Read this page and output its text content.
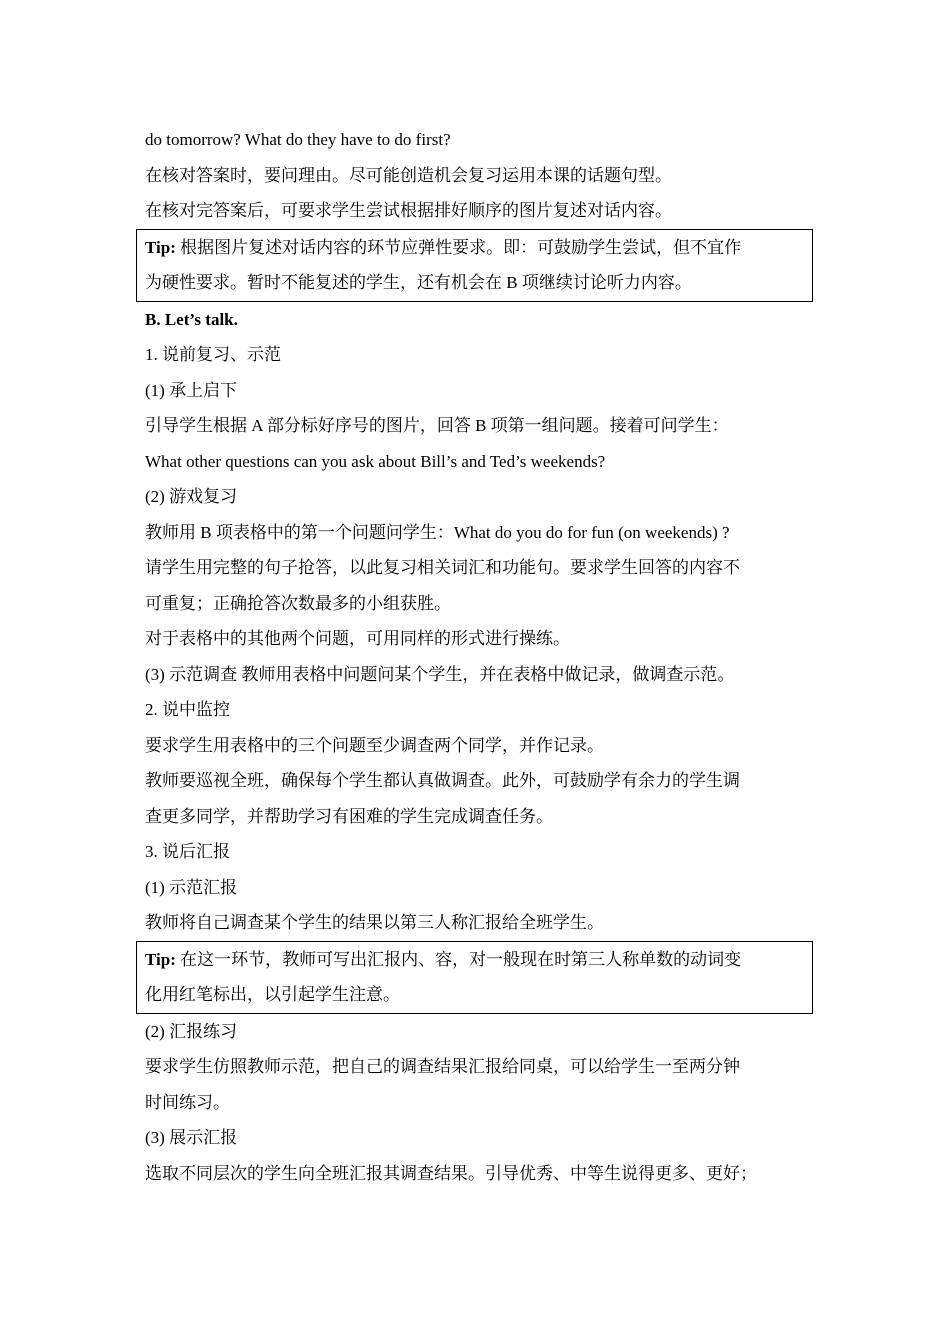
do tomorrow? What do they have to do first?
在核对答案时，要问理由。尽可能创造机会复习运用本课的话题句型。
在核对完答案后，可要求学生尝试根据排好顺序的图片复述对话内容。
Tip: 根据图片复述对话内容的环节应弹性要求。即：可鼓励学生尝试，但不宜作
为硬性要求。暂时不能复述的学生，还有机会在 B 项继续讨论听力内容。
B. Let’s talk.
1. 说前复习、示范
(1) 承上启下
引导学生根据 A 部分标好序号的图片，回答 B 项第一组问题。接着可问学生：
What other questions can you ask about Bill’s and Ted’s weekends?
(2) 游戏复习
教师用 B 项表格中的第一个问题问学生：What do you do for fun (on weekends) ?
请学生用完整的句子抢答，以此复习相关词汇和功能句。要求学生回答的内容不
可重复；正确抢答次数最多的小组获胜。
对于表格中的其他两个问题，可用同样的形式进行操练。
(3) 示范调查 教师用表格中问题问某个学生，并在表格中做记录，做调查示范。
2. 说中监控
要求学生用表格中的三个问题至少调查两个同学，并作记录。
教师要巡视全班，确保每个学生都认真做调查。此外，可鼓励学有余力的学生调
查更多同学，并帮助学习有困难的学生完成调查任务。
3. 说后汇报
(1) 示范汇报
教师将自己调查某个学生的结果以第三人称汇报给全班学生。
Tip: 在这一环节，教师可写出汇报内、容，对一般现在时第三人称单数的动词变
化用红笔标出，以引起学生注意。
(2) 汇报练习
要求学生仿照教师示范，把自己的调查结果汇报给同桌，可以给学生一至两分钟
时间练习。
(3) 展示汇报
选取不同层次的学生向全班汇报其调查结果。引导优秀、中等生说得更多、更好；
